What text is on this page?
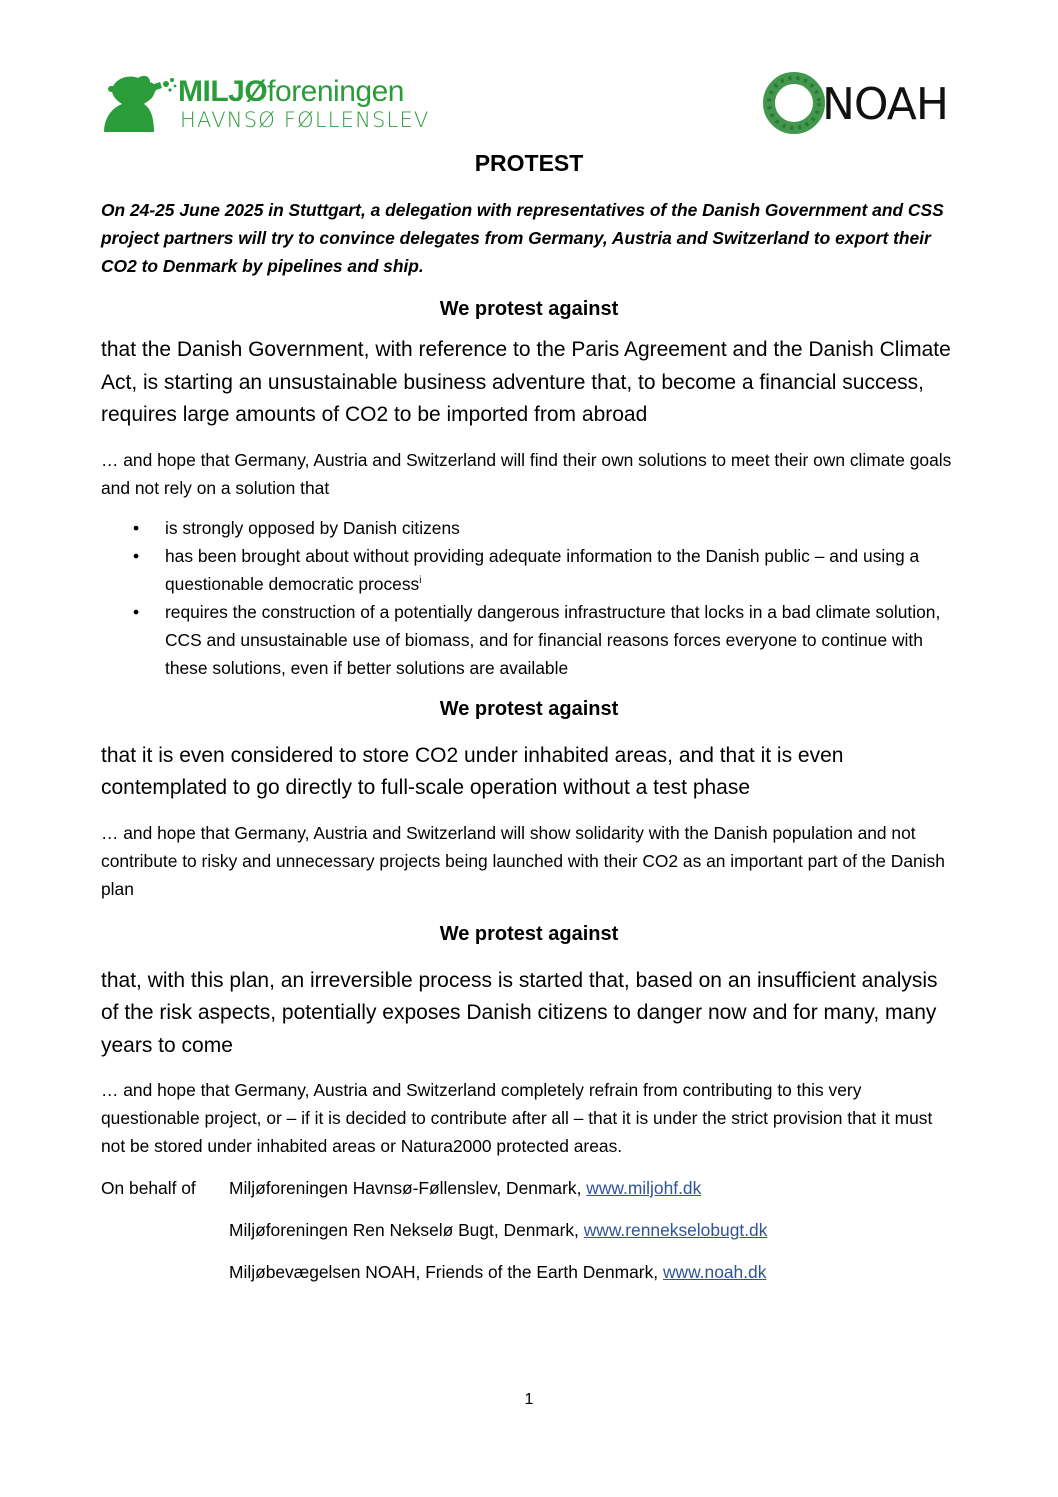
MILJØforeningen
HAVNSØ FØLLENSLEV	NOAH
PROTEST

On 24-25 June 2025 in Stuttgart, a delegation with representatives of the Danish Government and CSS project partners will try to convince delegates from Germany, Austria and Switzerland to export their CO2 to Denmark by pipelines and ship.

We protest against

that the Danish Government, with reference to the Paris Agreement and the Danish Climate Act, is starting an unsustainable business adventure that, to become a financial success, requires large amounts of CO2 to be imported from abroad

… and hope that Germany, Austria and Switzerland will find their own solutions to meet their own climate goals and not rely on a solution that

• is strongly opposed by Danish citizens
• has been brought about without providing adequate information to the Danish public – and using a questionable democratic process$^i$
• requires the construction of a potentially dangerous infrastructure that locks in a bad climate solution, CCS and unsustainable use of biomass, and for financial reasons forces everyone to continue with these solutions, even if better solutions are available
We protest against

that it is even considered to store CO2 under inhabited areas, and that it is even contemplated to go directly to full-scale operation without a test phase

… and hope that Germany, Austria and Switzerland will show solidarity with the Danish population and not contribute to risky and unnecessary projects being launched with their CO2 as an important part of the Danish plan

We protest against

that, with this plan, an irreversible process is started that, based on an insufficient analysis of the risk aspects, potentially exposes Danish citizens to danger now and for many, many years to come

… and hope that Germany, Austria and Switzerland completely refrain from contributing to this very questionable project, or – if it is decided to contribute after all – that it is under the strict provision that it must not be stored under inhabited areas or Natura2000 protected areas.

On behalf of	Miljøforeningen Havnsø-Føllenslev, Denmark, www.miljohf.dk
Miljøforeningen Ren Nekselø Bugt, Denmark, www.rennekselobugt.dk
Miljøbevægelsen NOAH, Friends of the Earth Denmark, www.noah.dk
1
